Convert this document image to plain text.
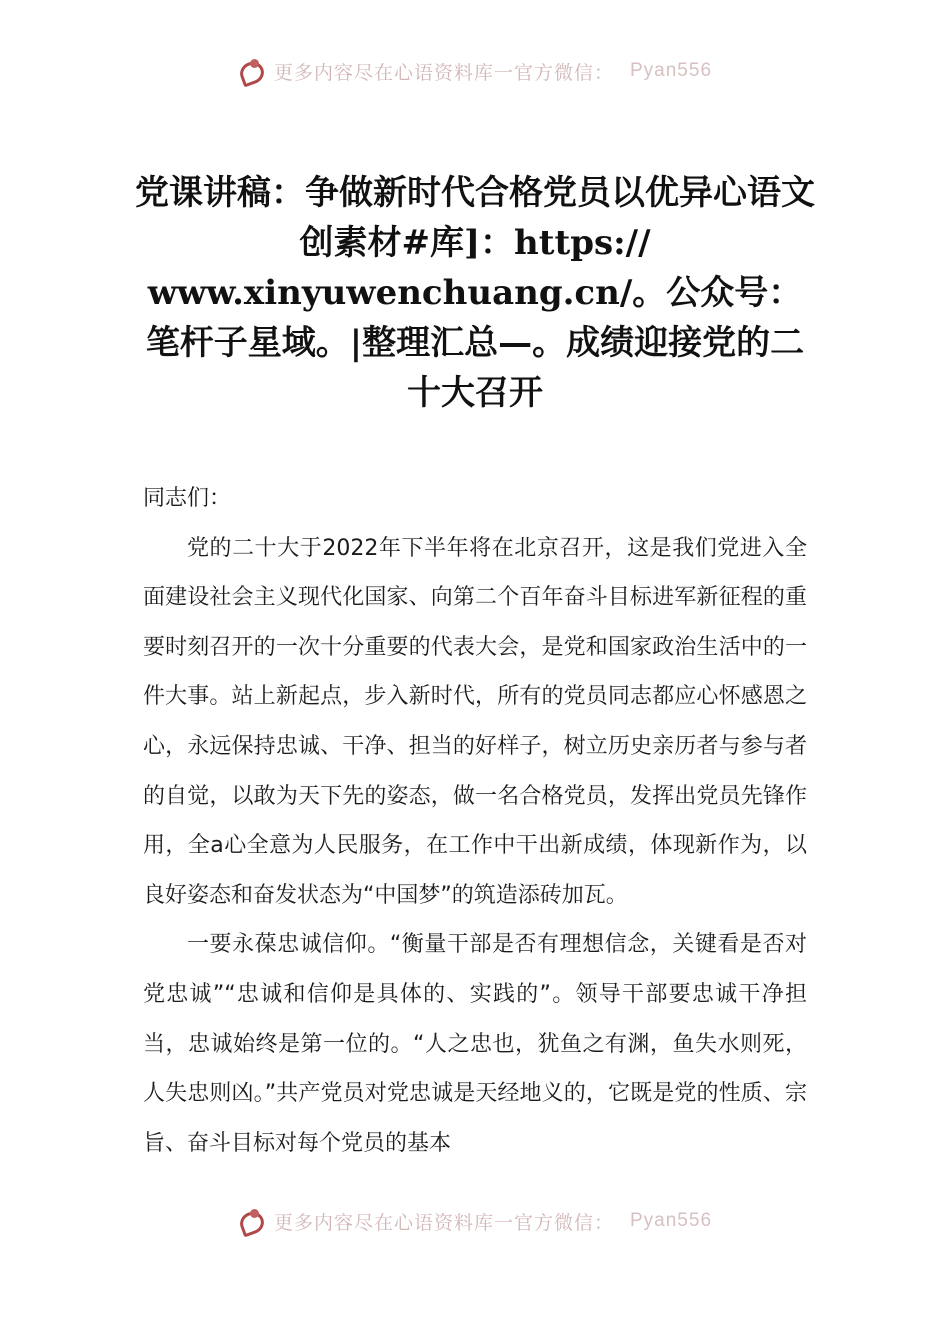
更多内容尽在心语资料库一官方微信： Pyan556
党课讲稿：争做新时代合格党员以优异心语文创素材#库]：https:// www.xinyuwenchuang.cn/。公众号：笔杆子星域。|整理汇总—。成绩迎接党的二十大召开

同志们：

党的二十大于2022年下半年将在北京召开，这是我们党进入全面建设社会主义现代化国家、向第二个百年奋斗目标进军新征程的重要时刻召开的一次十分重要的代表大会，是党和国家政治生活中的一件大事。站上新起点，步入新时代，所有的党员同志都应心怀感恩之心，永远保持忠诚、干净、担当的好样子，树立历史亲历者与参与者的自觉，以敢为天下先的姿态，做一名合格党员，发挥出党员先锋作用，全a心全意为人民服务，在工作中干出新成绩，体现新作为，以良好姿态和奋发状态为“中国梦”的筑造添砖加瓦。

一要永葆忠诚信仰。“衡量干部是否有理想信念，关键看是否对党忠诚”“忠诚和信仰是具体的、实践的”。领导干部要忠诚干净担当，忠诚始终是第一位的。“人之忠也，犹鱼之有渊，鱼失水则死，人失忠则凶。”共产党员对党忠诚是天经地义的，它既是党的性质、宗旨、奋斗目标对每个党员的基本

更多内容尽在心语资料库一官方微信： Pyan556
